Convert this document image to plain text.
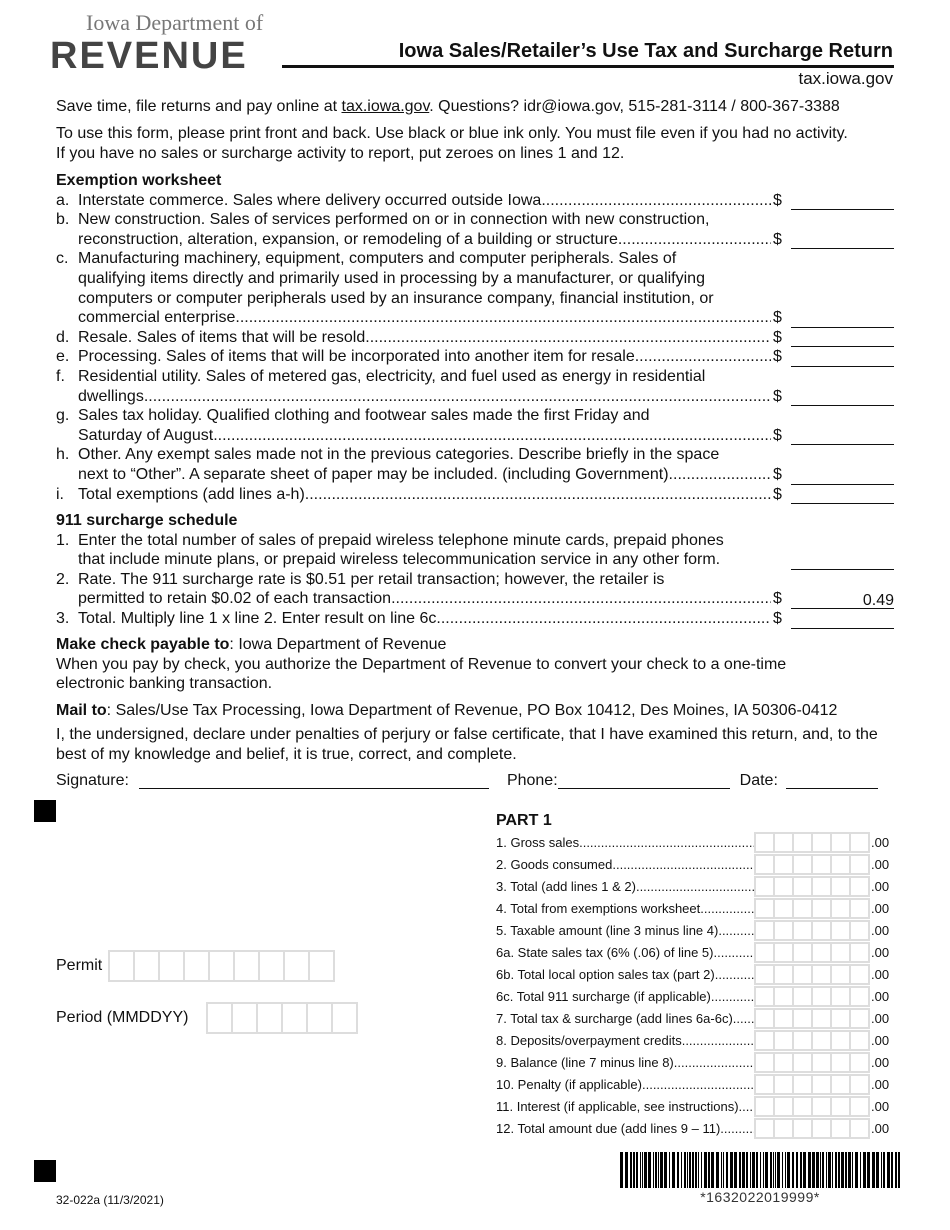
Iowa Department of
REVENUE	Iowa Sales/Retailer’s Use Tax and Surcharge Return
tax.iowa.gov
Save time, file returns and pay online at tax.iowa.gov. Questions? idr@iowa.gov, 515-281-3114 / 800-367-3388
To use this form, please print front and back. Use black or blue ink only. You must file even if you had no activity.
If you have no sales or surcharge activity to report, put zeroes on lines 1 and 12.
Exemption worksheet
a. Interstate commerce. Sales where delivery occurred outside Iowa. .....	$
b. New construction. Sales of services performed on or in connection with new construction,
reconstruction, alteration, expansion, or remodeling of a building or structure. .....	$
c. Manufacturing machinery, equipment, computers and computer peripherals. Sales of
qualifying items directly and primarily used in processing by a manufacturer, or qualifying
computers or computer peripherals used by an insurance company, financial institution, or
commercial enterprise. .....	$
d. Resale. Sales of items that will be resold. .....	$
e. Processing. Sales of items that will be incorporated into another item for resale. .....	$
f. Residential utility. Sales of metered gas, electricity, and fuel used as energy in residential
dwellings. .....	$
g. Sales tax holiday. Qualified clothing and footwear sales made the first Friday and
Saturday of August. .....	$
h. Other. Any exempt sales made not in the previous categories. Describe briefly in the space
next to “Other”. A separate sheet of paper may be included. (including Government) .....	$
i. Total exemptions (add lines a-h) .....	$
911 surcharge schedule
1. Enter the total number of sales of prepaid wireless telephone minute cards, prepaid phones
that include minute plans, or prepaid wireless telecommunication service in any other form.
2. Rate. The 911 surcharge rate is $0.51 per retail transaction; however, the retailer is
permitted to retain $0.02 of each transaction. .....	$	0.49
3. Total. Multiply line 1 x line 2. Enter result on line 6c. .....	$
Make check payable to: Iowa Department of Revenue
When you pay by check, you authorize the Department of Revenue to convert your check to a one-time electronic banking transaction.
Mail to: Sales/Use Tax Processing, Iowa Department of Revenue, PO Box 10412, Des Moines, IA 50306-0412
I, the undersigned, declare under penalties of perjury or false certificate, that I have examined this return, and, to the best of my knowledge and belief, it is true, correct, and complete.
Signature:	Phone:	Date:
Permit
Period (MMDDYY)
PART 1
1. Gross sales .....	.00
2. Goods consumed .....	.00
3. Total (add lines 1 & 2) .....	.00
4. Total from exemptions worksheet .....	.00
5. Taxable amount (line 3 minus line 4) .....	.00
6a. State sales tax (6% (.06) of line 5) .....	.00
6b. Total local option sales tax (part 2) .....	.00
6c. Total 911 surcharge (if applicable) .....	.00
7. Total tax & surcharge (add lines 6a-6c) .....	.00
8. Deposits/overpayment credits .....	.00
9. Balance (line 7 minus line 8) .....	.00
10. Penalty (if applicable) .....	.00
11. Interest (if applicable, see instructions) .....	.00
12. Total amount due (add lines 9 – 11) .....	.00
*1632022019999*
32-022a (11/3/2021)
